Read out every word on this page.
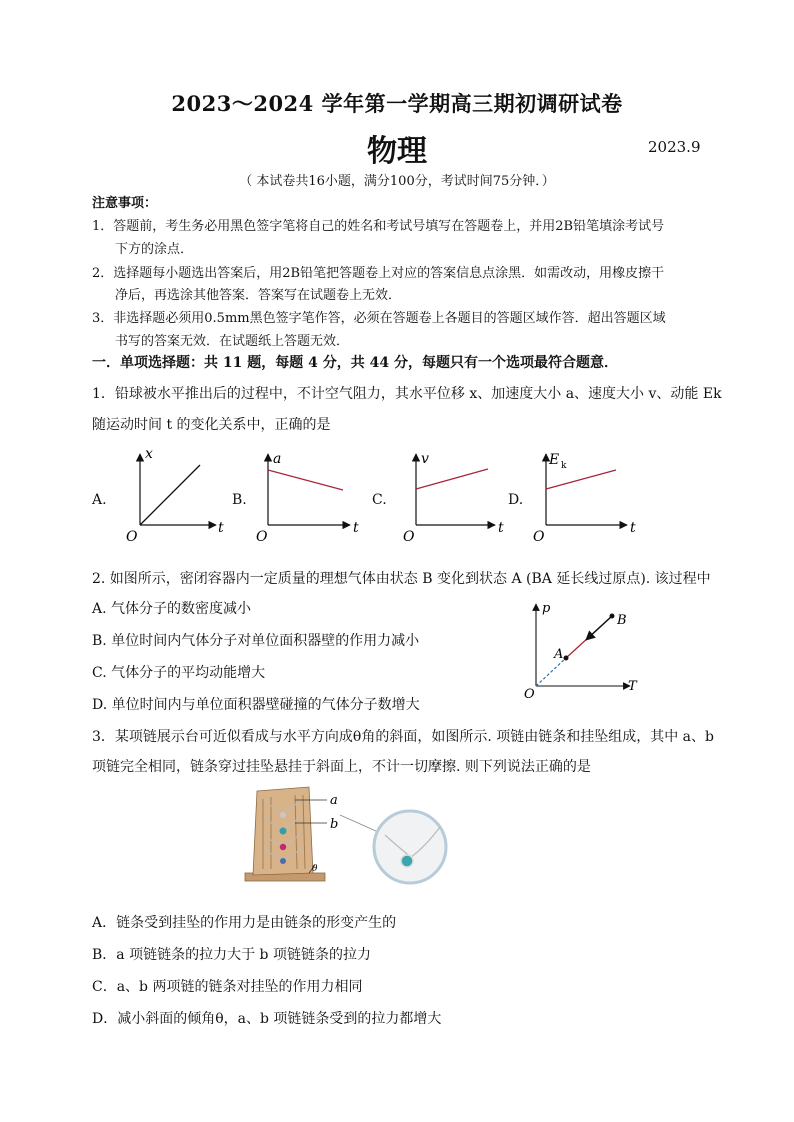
2023～2024 学年第一学期高三期初调研试卷
物理	2023.9
（ 本试卷共16小题，满分100分，考试时间75分钟．）
注意事项：
1．答题前，考生务必用黑色签字笔将自己的姓名和考试号填写在答题卷上，并用2B铅笔填涂考试号
下方的涂点．
2．选择题每小题选出答案后，用2B铅笔把答题卷上对应的答案信息点涂黑．如需改动，用橡皮擦干
净后，再选涂其他答案．答案写在试题卷上无效．
3．非选择题必须用0.5mm黑色签字笔作答，必须在答题卷上各题目的答题区域作答．超出答题区域
书写的答案无效．在试题纸上答题无效．
一．单项选择题：共 11 题，每题 4 分，共 44 分，每题只有一个选项最符合题意．
1．铅球被水平推出后的过程中，不计空气阻力，其水平位移 x、加速度大小 a、速度大小 v、动能 Ek
随运动时间 t 的变化关系中，正确的是
A.	B.	C.	D.
x
O
t
a
O
t
v
O
t
E k
O
t
2. 如图所示，密闭容器内一定质量的理想气体由状态 B 变化到状态 A (BA 延长线过原点). 该过程中
A. 气体分子的数密度减小
B. 单位时间内气体分子对单位面积器壁的作用力减小
C. 气体分子的平均动能增大
D. 单位时间内与单位面积器壁碰撞的气体分子数增大
p
T
O
A
B
3．某项链展示台可近似看成与水平方向成θ角的斜面，如图所示. 项链由链条和挂坠组成，其中 a、b
项链完全相同，链条穿过挂坠悬挂于斜面上，不计一切摩擦. 则下列说法正确的是
θ
a
b
A．链条受到挂坠的作用力是由链条的形变产生的
B．a 项链链条的拉力大于 b 项链链条的拉力
C．a、b 两项链的链条对挂坠的作用力相同
D．减小斜面的倾角θ，a、b 项链链条受到的拉力都增大
